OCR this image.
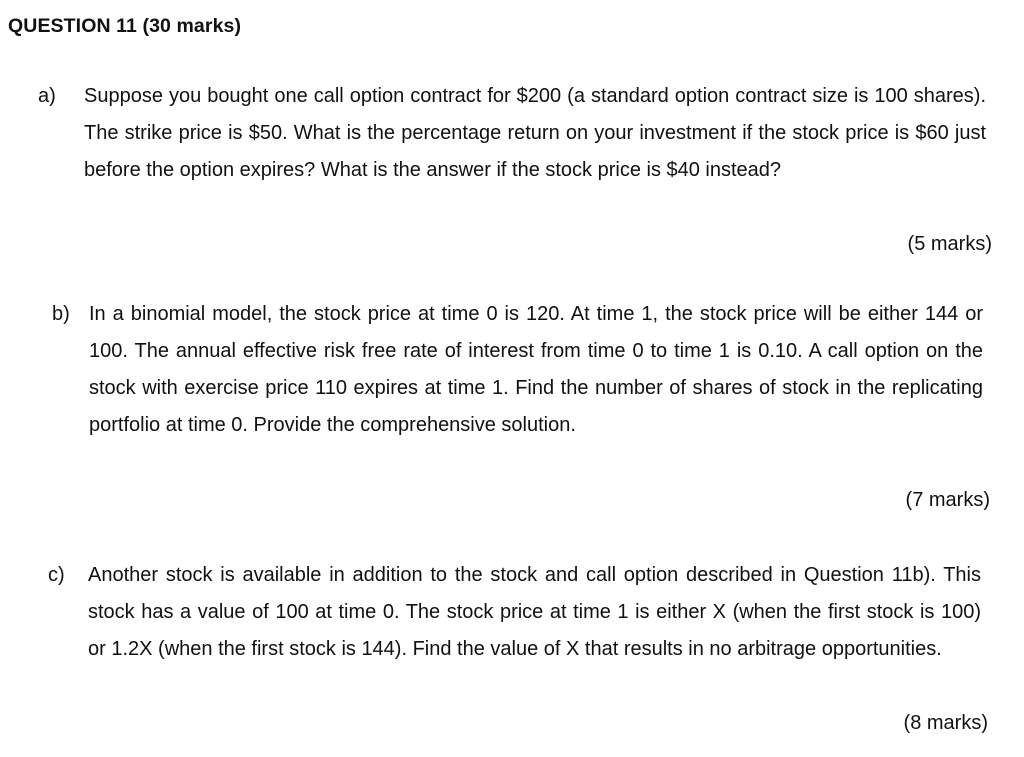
QUESTION 11 (30 marks)
a) Suppose you bought one call option contract for $200 (a standard option contract size is 100 shares). The strike price is $50. What is the percentage return on your investment if the stock price is $60 just before the option expires? What is the answer if the stock price is $40 instead?

(5 marks)
b) In a binomial model, the stock price at time 0 is 120. At time 1, the stock price will be either 144 or 100. The annual effective risk free rate of interest from time 0 to time 1 is 0.10. A call option on the stock with exercise price 110 expires at time 1. Find the number of shares of stock in the replicating portfolio at time 0. Provide the comprehensive solution.

(7 marks)
c) Another stock is available in addition to the stock and call option described in Question 11b). This stock has a value of 100 at time 0. The stock price at time 1 is either X (when the first stock is 100) or 1.2X (when the first stock is 144). Find the value of X that results in no arbitrage opportunities.

(8 marks)
